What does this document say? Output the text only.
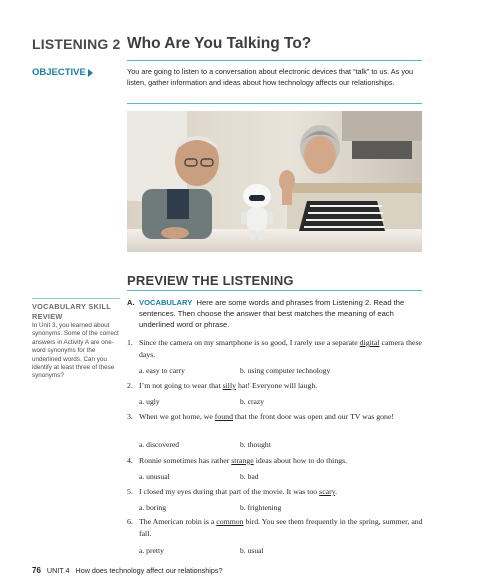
LISTENING 2 Who Are You Talking To?
OBJECTIVE	You are going to listen to a conversation about electronic devices that “talk” to us. As you listen, gather information and ideas about how technology affects our relationships.
PREVIEW THE LISTENING
VOCABULARY SKILL REVIEW
In Unit 3, you learned about synonyms. Some of the correct answers in Activity A are one-word synonyms for the underlined words. Can you identify at least three of these synonyms?
A. VOCABULARY Here are some words and phrases from Listening 2. Read the sentences. Then choose the answer that best matches the meaning of each underlined word or phrase.
1. Since the camera on my smartphone is so good, I rarely use a separate digital camera these days.
a. easy to carry	b. using computer technology
2. I’m not going to wear that silly hat! Everyone will laugh.
a. ugly	b. crazy
3. When we got home, we found that the front door was open and our TV was gone!
a. discovered	b. thought
4. Ronnie sometimes has rather strange ideas about how to do things.
a. unusual	b. bad
5. I closed my eyes during that part of the movie. It was too scary.
a. boring	b. frightening
6. The American robin is a common bird. You see them frequently in the spring, summer, and fall.
a. pretty	b. usual
76 UNIT 4 How does technology affect our relationships?
